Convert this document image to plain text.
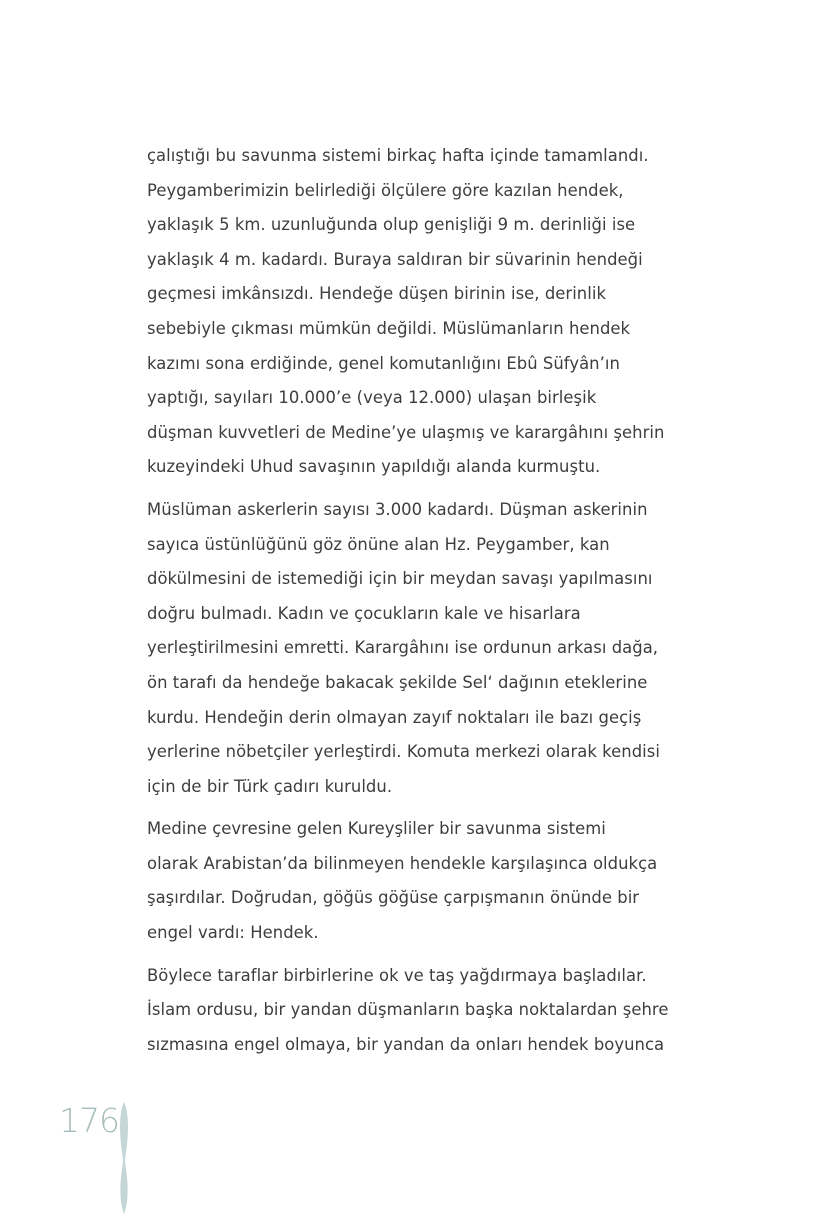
çalıştığı bu savunma sistemi birkaç hafta içinde tamamlandı.
Peygamberimizin belirlediği ölçülere göre kazılan hendek,
yaklaşık 5 km. uzunluğunda olup genişliği 9 m. derinliği ise
yaklaşık 4 m. kadardı. Buraya saldıran bir süvarinin hendeği
geçmesi imkânsızdı. Hendeğe düşen birinin ise, derinlik
sebebiyle çıkması mümkün değildi. Müslümanların hendek
kazımı sona erdiğinde, genel komutanlığını Ebû Süfyân’ın
yaptığı, sayıları 10.000’e (veya 12.000) ulaşan birleşik
düşman kuvvetleri de Medine’ye ulaşmış ve karargâhını şehrin
kuzeyindeki Uhud savaşının yapıldığı alanda kurmuştu.

Müslüman askerlerin sayısı 3.000 kadardı. Düşman askerinin
sayıca üstünlüğünü göz önüne alan Hz. Peygamber, kan
dökülmesini de istemediği için bir meydan savaşı yapılmasını
doğru bulmadı. Kadın ve çocukların kale ve hisarlara
yerleştirilmesini emretti. Karargâhını ise ordunun arkası dağa,
ön tarafı da hendeğe bakacak şekilde Sel‘ dağının eteklerine
kurdu. Hendeğin derin olmayan zayıf noktaları ile bazı geçiş
yerlerine nöbetçiler yerleştirdi. Komuta merkezi olarak kendisi
için de bir Türk çadırı kuruldu.

Medine çevresine gelen Kureyşliler bir savunma sistemi
olarak Arabistan’da bilinmeyen hendekle karşılaşınca oldukça
şaşırdılar. Doğrudan, göğüs göğüse çarpışmanın önünde bir
engel vardı: Hendek.

Böylece taraflar birbirlerine ok ve taş yağdırmaya başladılar.
İslam ordusu, bir yandan düşmanların başka noktalardan şehre
sızmasına engel olmaya, bir yandan da onları hendek boyunca

176
